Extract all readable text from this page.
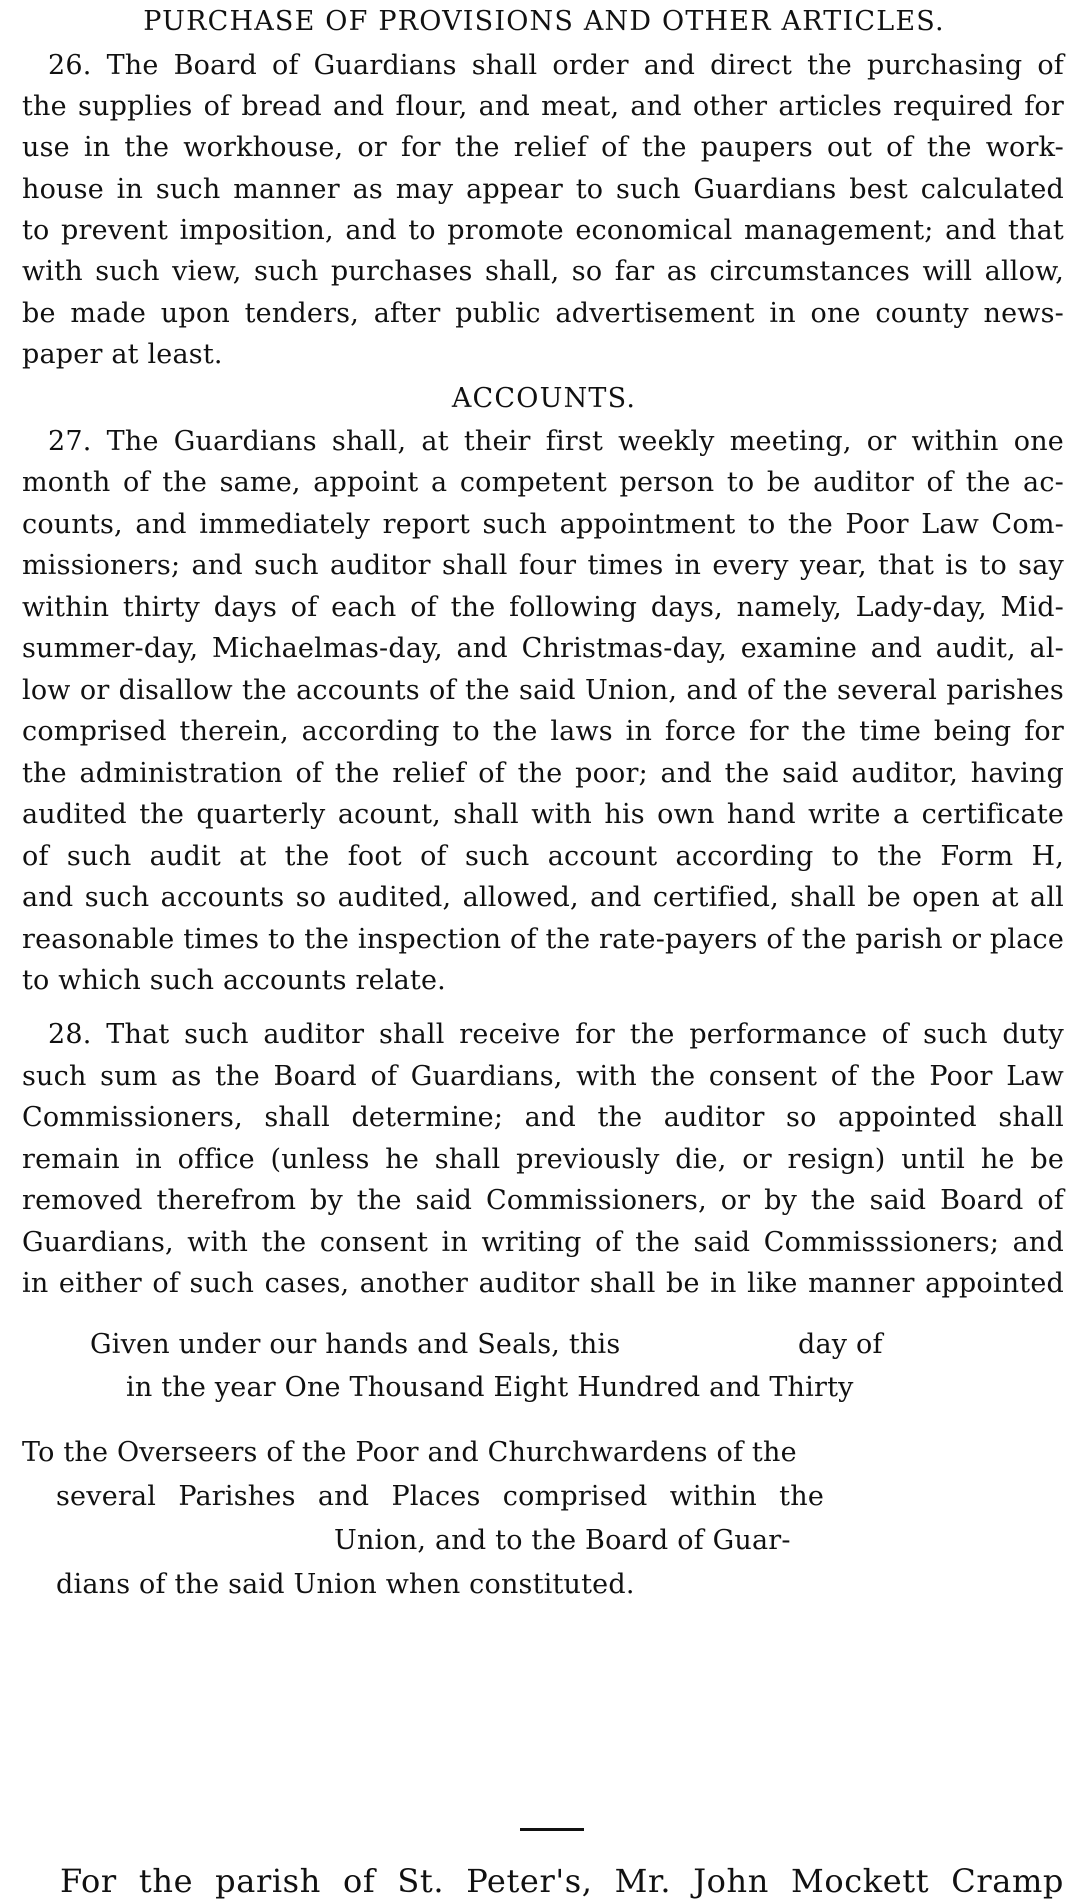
PURCHASE OF PROVISIONS AND OTHER ARTICLES.
26. The Board of Guardians shall order and direct the purchasing of
the supplies of bread and flour, and meat, and other articles required for
use in the workhouse, or for the relief of the paupers out of the work-
house in such manner as may appear to such Guardians best calculated
to prevent imposition, and to promote economical management; and that
with such view, such purchases shall, so far as circumstances will allow,
be made upon tenders, after public advertisement in one county news-
paper at least.
ACCOUNTS.
27. The Guardians shall, at their first weekly meeting, or within one
month of the same, appoint a competent person to be auditor of the ac-
counts, and immediately report such appointment to the Poor Law Com-
missioners; and such auditor shall four times in every year, that is to say
within thirty days of each of the following days, namely, Lady-day, Mid-
summer-day, Michaelmas-day, and Christmas-day, examine and audit, al-
low or disallow the accounts of the said Union, and of the several parishes
comprised therein, according to the laws in force for the time being for
the administration of the relief of the poor; and the said auditor, having
audited the quarterly acount, shall with his own hand write a certificate
of such audit at the foot of such account according to the Form H,
and such accounts so audited, allowed, and certified, shall be open at all
reasonable times to the inspection of the rate-payers of the parish or place
to which such accounts relate.
28. That such auditor shall receive for the performance of such duty
such sum as the Board of Guardians, with the consent of the Poor Law
Commissioners, shall determine; and the auditor so appointed shall
remain in office (unless he shall previously die, or resign) until he be
removed therefrom by the said Commissioners, or by the said Board of
Guardians, with the consent in writing of the said Commisssioners; and
in either of such cases, another auditor shall be in like manner appointed
Given under our hands and Seals, this	day of
in the year One Thousand Eight Hundred and Thirty
To the Overseers of the Poor and Churchwardens of the
several Parishes and Places comprised within the
Union, and to the Board of Guar-
dians of the said Union when constituted.
For the parish of St. Peter's, Mr. John Mockett Cramp
